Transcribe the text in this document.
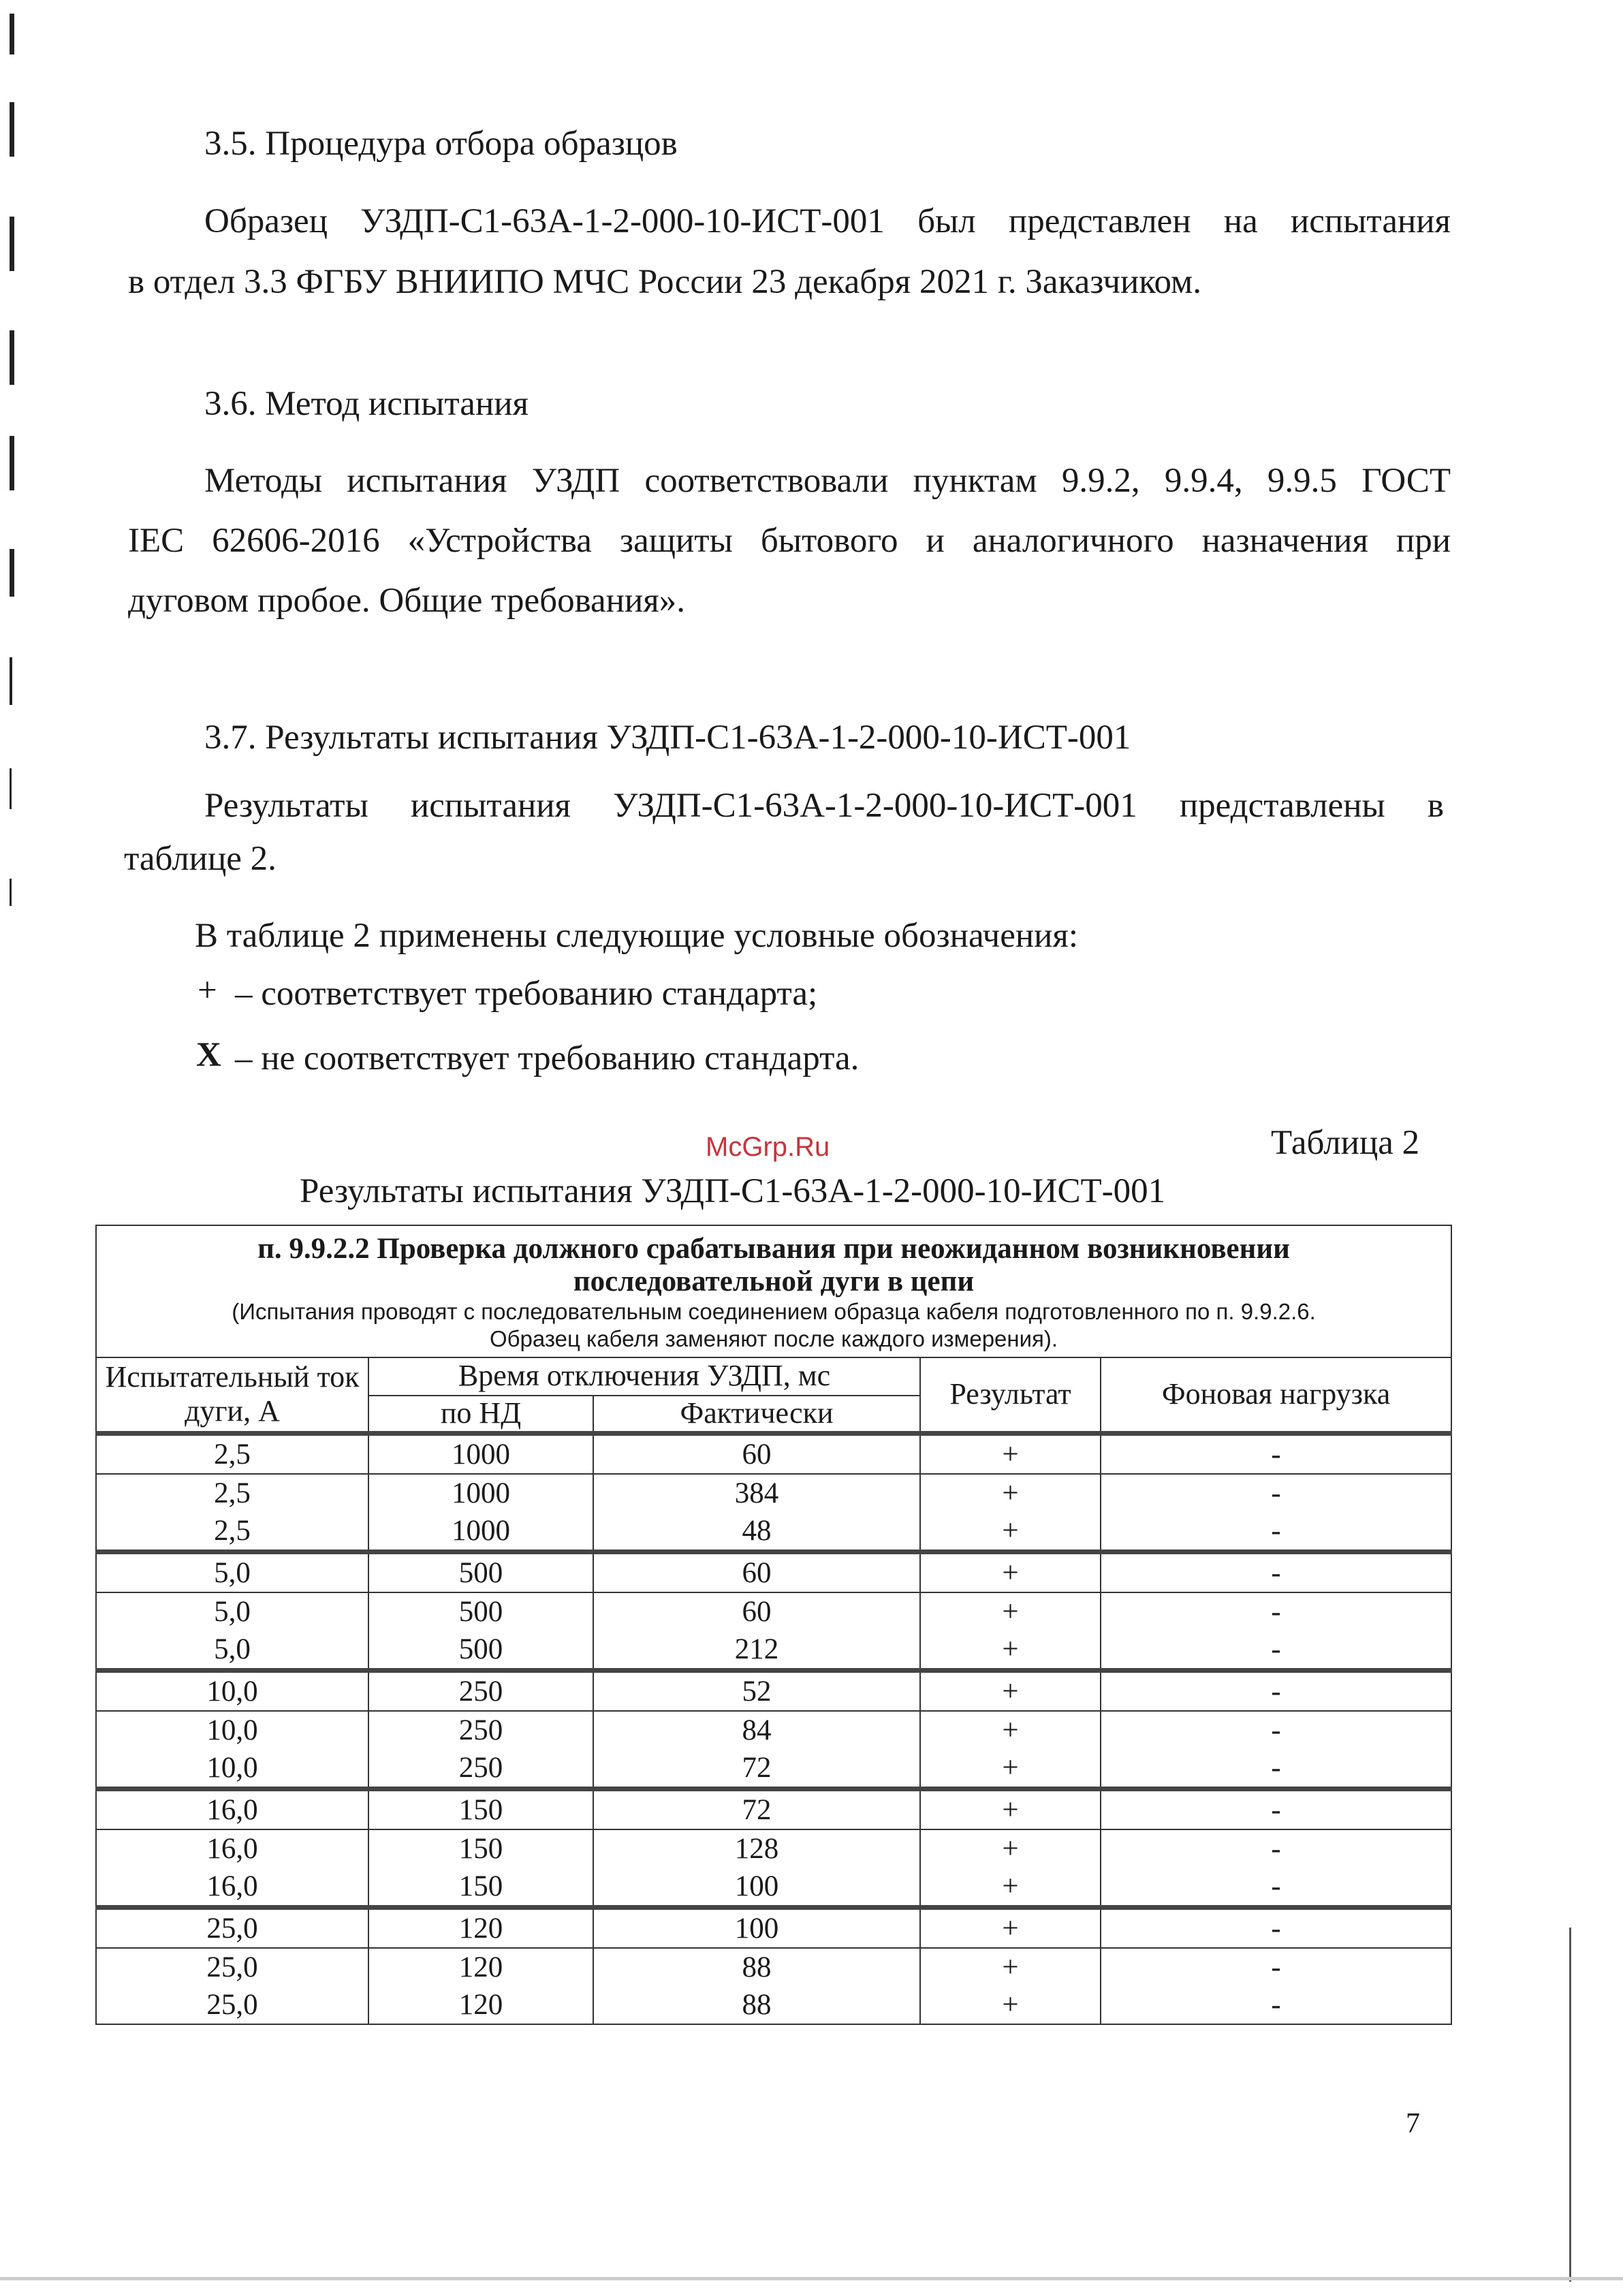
3.5. Процедура отбора образцов
Образец УЗДП-С1-63А-1-2-000-10-ИСТ-001 был представлен на испытания
в отдел 3.3 ФГБУ ВНИИПО МЧС России 23 декабря 2021 г. Заказчиком.
3.6. Метод испытания
Методы испытания УЗДП соответствовали пунктам 9.9.2, 9.9.4, 9.9.5 ГОСТ
IEC 62606-2016 «Устройства защиты бытового и аналогичного назначения при
дуговом пробое. Общие требования».
3.7. Результаты испытания УЗДП-С1-63А-1-2-000-10-ИСТ-001
Результаты испытания УЗДП-С1-63А-1-2-000-10-ИСТ-001 представлены в
таблице 2.
В таблице 2 применены следующие условные обозначения:
+ – соответствует требованию стандарта;
X – не соответствует требованию стандарта.
McGrp.Ru	Таблица 2
Результаты испытания УЗДП-С1-63А-1-2-000-10-ИСТ-001
п. 9.9.2.2 Проверка должного срабатывания при неожиданном возникновении
последовательной дуги в цепи
(Испытания проводят с последовательным соединением образца кабеля подготовленного по п. 9.9.2.6.
Образец кабеля заменяют после каждого измерения).				

Испытательный ток дуги, А	Время отключения УЗДП, мс		Результат	Фоновая нагрузка
	по НД	Фактически		
2,5	1000	60	+	-
2,5	1000	384	+	-
2,5	1000	48	+	-
5,0	500	60	+	-
5,0	500	60	+	-
5,0	500	212	+	-
10,0	250	52	+	-
10,0	250	84	+	-
10,0	250	72	+	-
16,0	150	72	+	-
16,0	150	128	+	-
16,0	150	100	+	-
25,0	120	100	+	-
25,0	120	88	+	-
25,0	120	88	+	-
7
